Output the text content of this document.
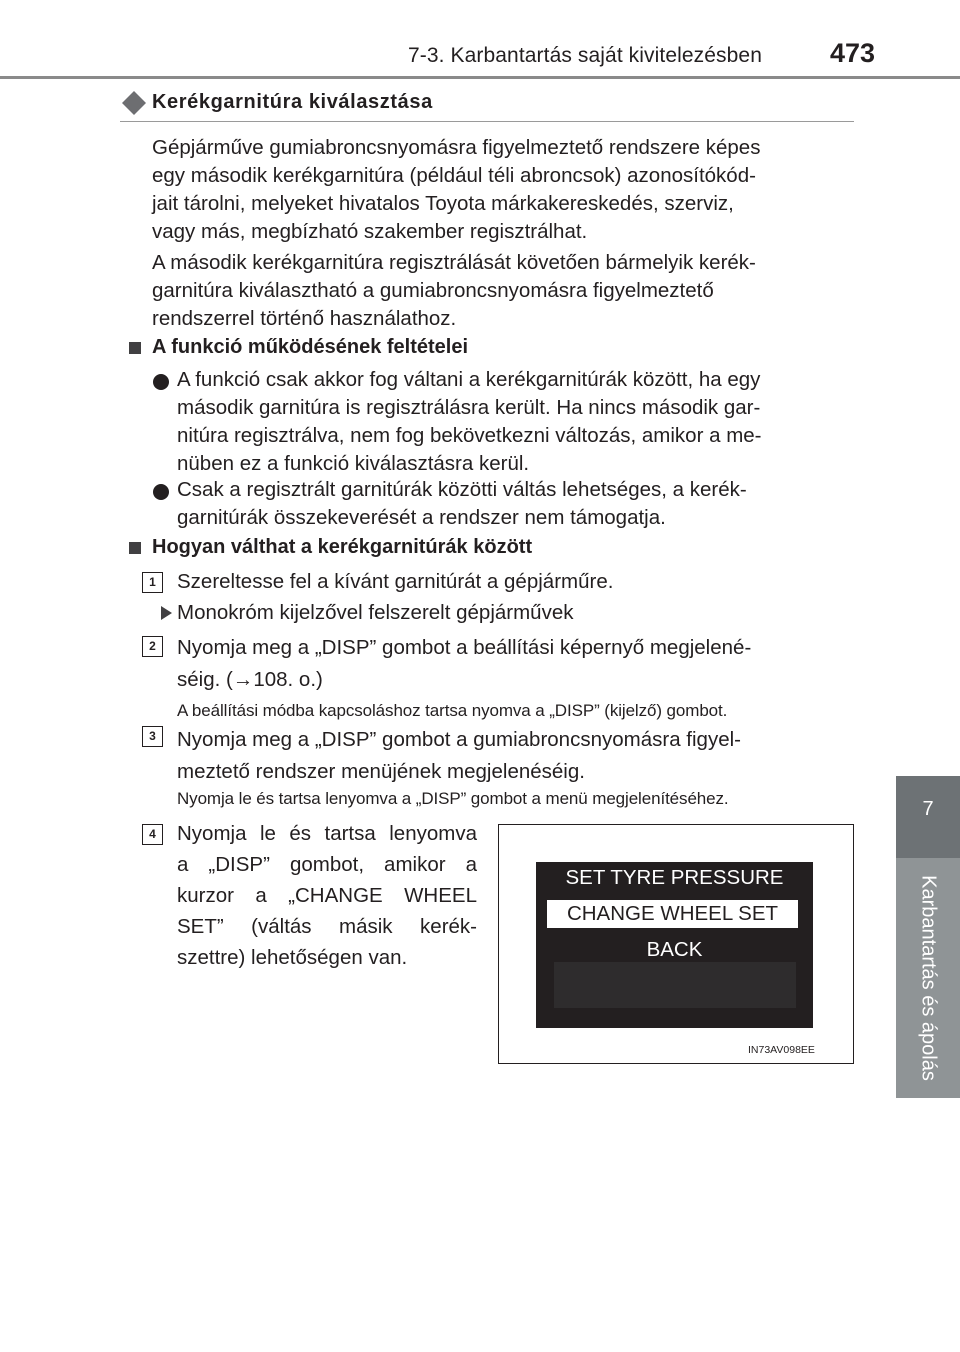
7-3. Karbantartás saját kivitelezésben	473
7
Karbantartás és ápolás
Kerékgarnitúra kiválasztása
Gépjárműve gumiabroncsnyomásra figyelmeztető rendszere képes
egy második kerékgarnitúra (például téli abroncsok) azonosítókód-
jait tárolni, melyeket hivatalos Toyota márkakereskedés, szerviz,
vagy más, megbízható szakember regisztrálhat.
A második kerékgarnitúra regisztrálását követően bármelyik kerék-
garnitúra kiválasztható a gumiabroncsnyomásra figyelmeztető
rendszerrel történő használathoz.
A funkció működésének feltételei
A funkció csak akkor fog váltani a kerékgarnitúrák között, ha egy
második garnitúra is regisztrálásra került. Ha nincs második gar-
nitúra regisztrálva, nem fog bekövetkezni változás, amikor a me-
nüben ez a funkció kiválasztásra kerül.
Csak a regisztrált garnitúrák közötti váltás lehetséges, a kerék-
garnitúrák összekeverését a rendszer nem támogatja.
Hogyan válthat a kerékgarnitúrák között
1	Szereltesse fel a kívánt garnitúrát a gépjárműre.
Monokróm kijelzővel felszerelt gépjárművek
2	Nyomja meg a „DISP” gombot a beállítási képernyő megjelené-
séig. (→108. o.)
A beállítási módba kapcsoláshoz tartsa nyomva a „DISP” (kijelző) gombot.
3	Nyomja meg a „DISP” gombot a gumiabroncsnyomásra figyel-
meztető rendszer menüjének megjelenéséig.
Nyomja le és tartsa lenyomva a „DISP” gombot a menü megjelenítéséhez.
4	Nyomja le és tartsa lenyomva
a „DISP” gombot, amikor a
kurzor a „CHANGE WHEEL
SET” (váltás másik kerék-
szettre) lehetőségen van.
SET TYRE PRESSURE
CHANGE WHEEL SET
BACK
IN73AV098EE
